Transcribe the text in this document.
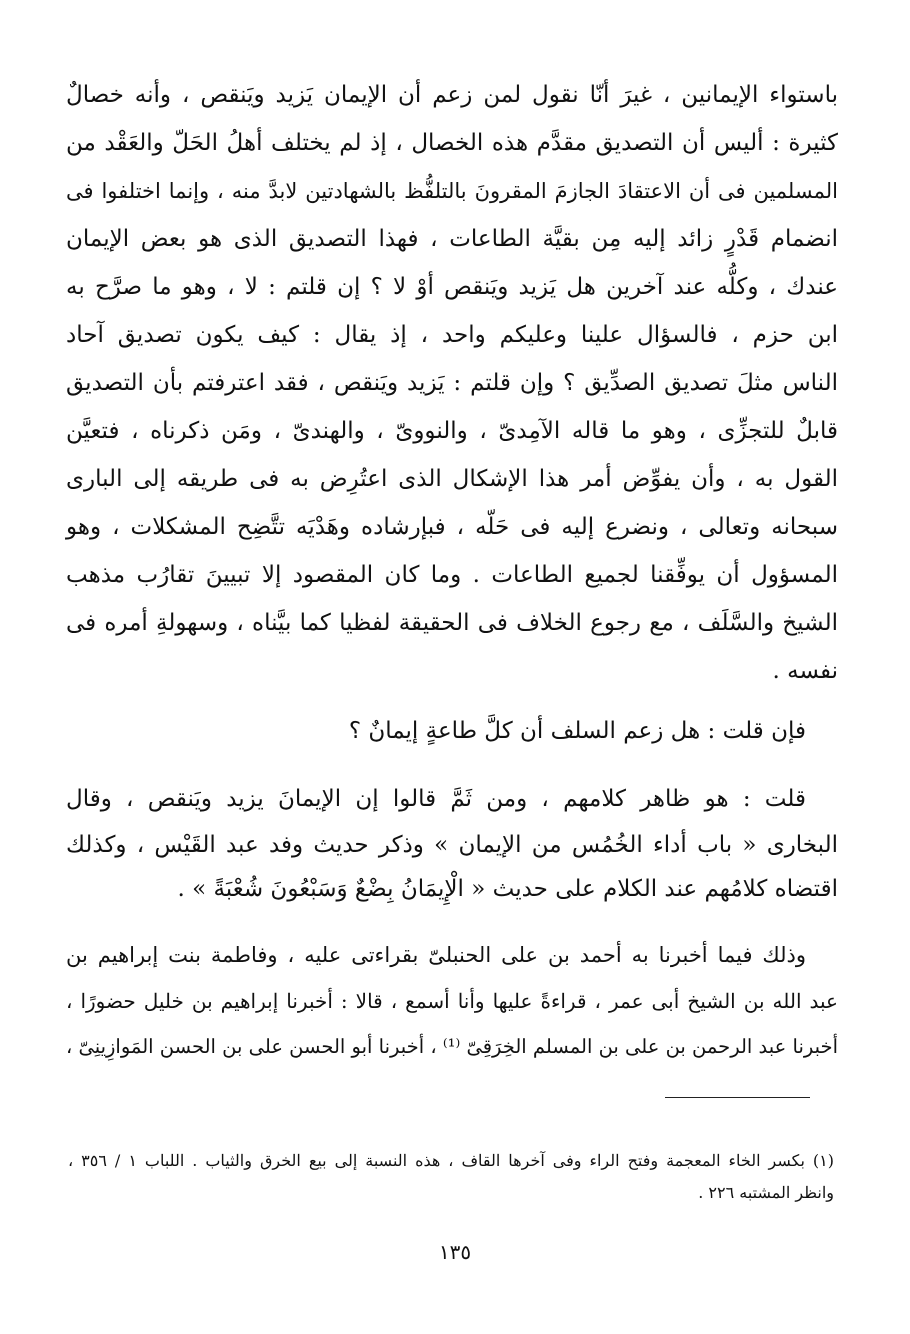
باستواء الإيمانين ، غيرَ أنّا نقول لمن زعم أن الإيمان يَزيد ويَنقص ، وأنه خصالٌ
كثيرة : أليس أن التصديق مقدَّم هذه الخصال ، إذ لم يختلف أهلُ الحَلّ والعَقْد من
المسلمين فى أن الاعتقادَ الجازمَ المقرونَ بالتلفُّظ بالشهادتين لابدَّ منه ، وإنما اختلفوا فى
انضمام قَدْرٍ زائد إليه مِن بقيَّة الطاعات ، فهذا التصديق الذى هو بعض الإيمان
عندك ، وكلُّه عند آخرين هل يَزيد ويَنقص أوْ لا ؟ إن قلتم : لا ، وهو ما صرَّح به
ابن حزم ، فالسؤال علينا وعليكم واحد ، إذ يقال : كيف يكون تصديق آحاد
الناس مثلَ تصديق الصدِّيق ؟ وإن قلتم : يَزيد ويَنقص ، فقد اعترفتم بأن التصديق
قابلٌ للتجزِّى ، وهو ما قاله الآمِدىّ ، والنووىّ ، والهندىّ ، ومَن ذكرناه ، فتعيَّن
القول به ، وأن يفوِّض أمر هذا الإشكال الذى اعتُرِض به فى طريقه إلى البارى
سبحانه وتعالى ، ونضرع إليه فى حَلّه ، فبإرشاده وهَدْيَه تتَّضِح المشكلات ، وهو
المسؤول أن يوفِّقنا لجميع الطاعات . وما كان المقصود إلا تبيينَ تقارُب مذهب
الشيخ والسَّلَف ، مع رجوع الخلاف فى الحقيقة لفظيا كما بيَّناه ، وسهولةِ أمره فى
نفسه .
فإن قلت : هل زعم السلف أن كلَّ طاعةٍ إيمانٌ ؟
قلت : هو ظاهر كلامهم ، ومن ثَمَّ قالوا إن الإيمانَ يزيد ويَنقص ، وقال
البخارى « باب أداء الخُمُس من الإيمان » وذكر حديث وفد عبد القَيْس ، وكذلك
اقتضاه كلامُهم عند الكلام على حديث « الْإِيمَانُ بِضْعٌ وَسَبْعُونَ شُعْبَةً » .
وذلك فيما أخبرنا به أحمد بن على الحنبلىّ بقراءتى عليه ، وفاطمة بنت إبراهيم بن
عبد الله بن الشيخ أبى عمر ، قراءةً عليها وأنا أسمع ، قالا : أخبرنا إبراهيم بن خليل حضورًا ،
أخبرنا عبد الرحمن بن على بن المسلم الخِرَقِىّ ⁽¹⁾ ، أخبرنا أبو الحسن على بن الحسن المَوازِينِىّ ،
(١) بكسر الخاء المعجمة وفتح الراء وفى آخرها القاف ، هذه النسبة إلى بيع الخرق والثياب . اللباب ١ / ٣٥٦ ،
وانظر المشتبه ٢٢٦ .
١٣٥
